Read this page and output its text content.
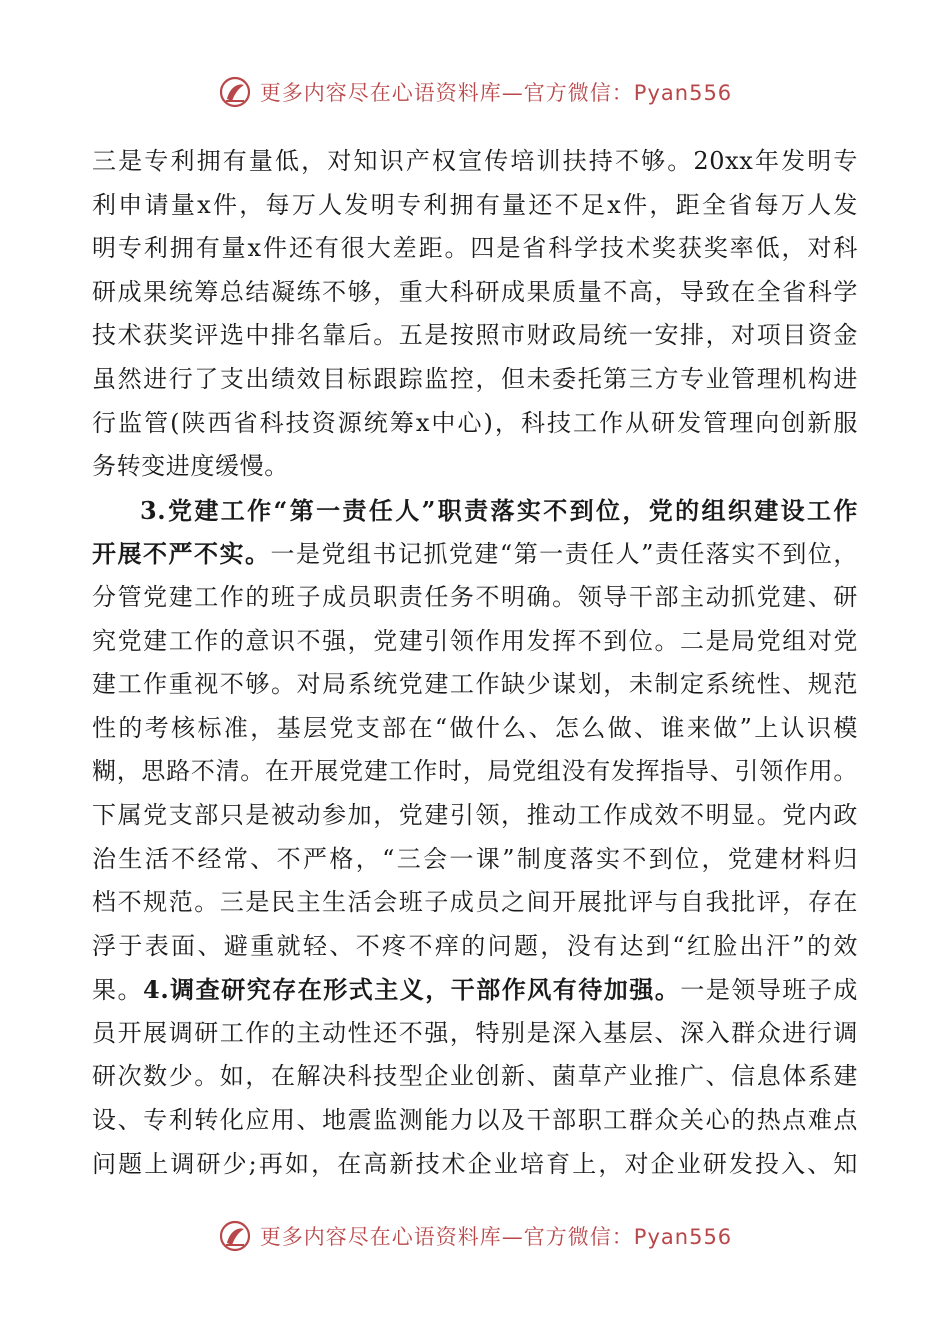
更多内容尽在心语资料库—官方微信：Pyan556
三是专利拥有量低，对知识产权宣传培训扶持不够。20xx年发明专
利申请量x件，每万人发明专利拥有量还不足x件，距全省每万人发
明专利拥有量x件还有很大差距。四是省科学技术奖获奖率低，对科
研成果统筹总结凝练不够，重大科研成果质量不高，导致在全省科学
技术获奖评选中排名靠后。五是按照市财政局统一安排，对项目资金
虽然进行了支出绩效目标跟踪监控，但未委托第三方专业管理机构进
行监管(陕西省科技资源统筹x中心)，科技工作从研发管理向创新服
务转变进度缓慢。
3.党建工作“第一责任人”职责落实不到位，党的组织建设工作
开展不严不实。一是党组书记抓党建“第一责任人”责任落实不到位，
分管党建工作的班子成员职责任务不明确。领导干部主动抓党建、研
究党建工作的意识不强，党建引领作用发挥不到位。二是局党组对党
建工作重视不够。对局系统党建工作缺少谋划，未制定系统性、规范
性的考核标准，基层党支部在“做什么、怎么做、谁来做”上认识模
糊，思路不清。在开展党建工作时，局党组没有发挥指导、引领作用。
下属党支部只是被动参加，党建引领，推动工作成效不明显。党内政
治生活不经常、不严格，“三会一课”制度落实不到位，党建材料归
档不规范。三是民主生活会班子成员之间开展批评与自我批评，存在
浮于表面、避重就轻、不疼不痒的问题，没有达到“红脸出汗”的效
果。4.调查研究存在形式主义，干部作风有待加强。一是领导班子成
员开展调研工作的主动性还不强，特别是深入基层、深入群众进行调
研次数少。如，在解决科技型企业创新、菌草产业推广、信息体系建
设、专利转化应用、地震监测能力以及干部职工群众关心的热点难点
问题上调研少;再如，在高新技术企业培育上，对企业研发投入、知
更多内容尽在心语资料库—官方微信：Pyan556
